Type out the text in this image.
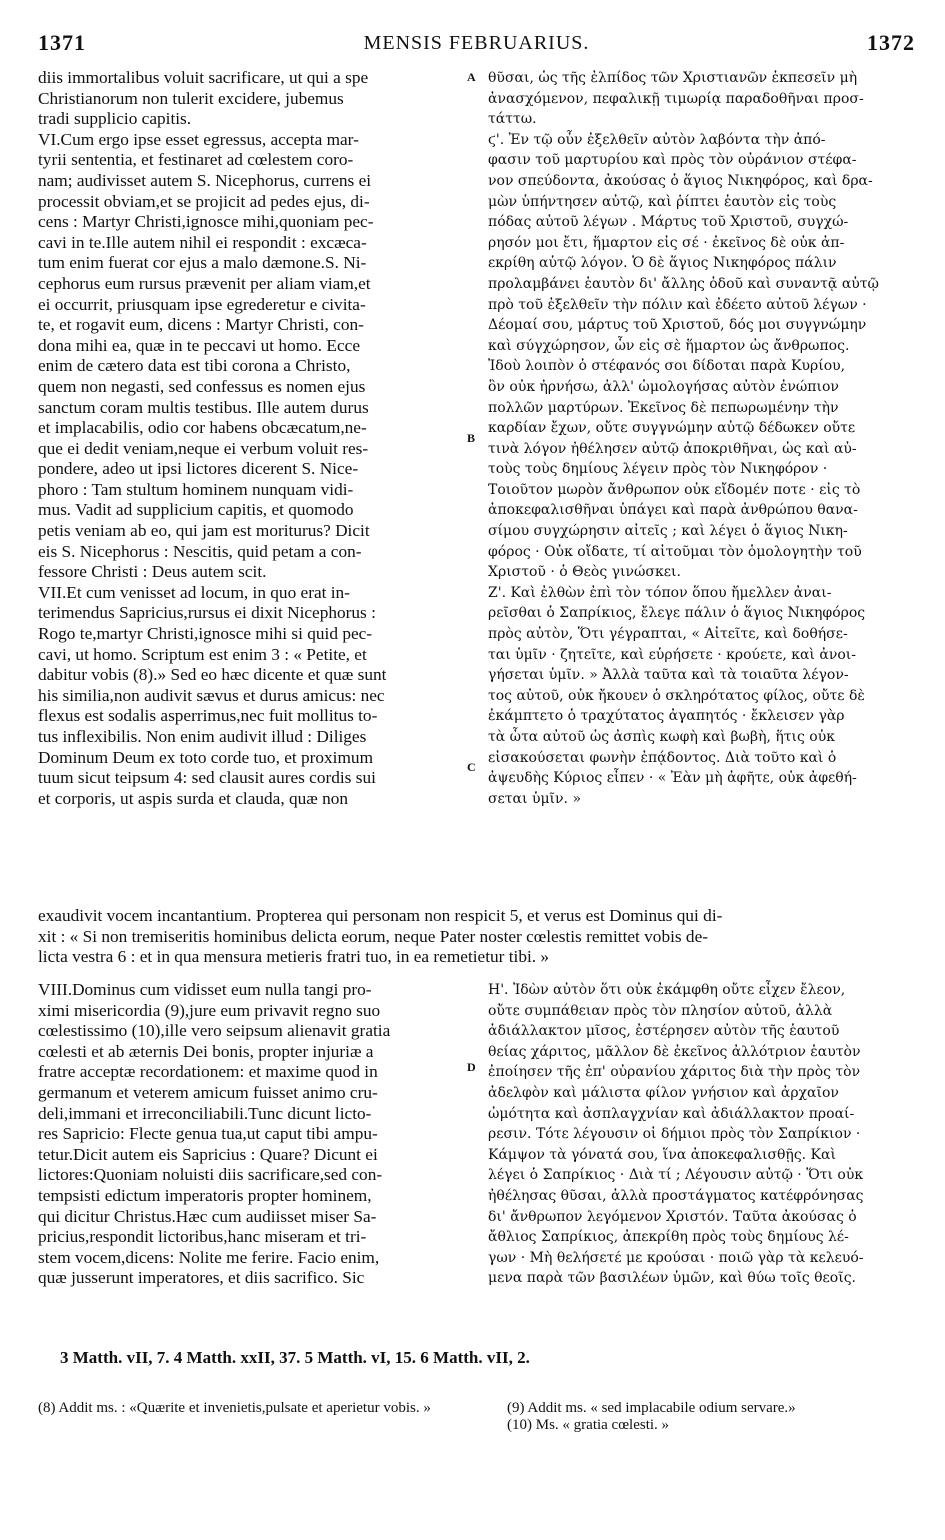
1371	MENSIS FEBRUARIUS.	1372
diis immortalibus voluit sacrificare, ut qui a spe
Christianorum non tulerit excidere, jubemus
tradi supplicio capitis.
VI.Cum ergo ipse esset egressus, accepta mar-
tyrii sententia, et festinaret ad cœlestem coro-
nam; audivisset autem S. Nicephorus, currens ei
processit obviam,et se projicit ad pedes ejus, di-
cens : Martyr Christi,ignosce mihi,quoniam pec-
cavi in te.Ille autem nihil ei respondit : excæca-
tum enim fuerat cor ejus a malo dæmone.S. Ni-
cephorus eum rursus prævenit per aliam viam,et
ei occurrit, priusquam ipse egrederetur e civita-
te, et rogavit eum, dicens : Martyr Christi, con-
dona mihi ea, quæ in te peccavi ut homo. Ecce
enim de cætero data est tibi corona a Christo,
quem non negasti, sed confessus es nomen ejus
sanctum coram multis testibus. Ille autem durus
et implacabilis, odio cor habens obcæcatum,ne-
que ei dedit veniam,neque ei verbum voluit res-
pondere, adeo ut ipsi lictores dicerent S. Nice-
phoro : Tam stultum hominem nunquam vidi-
mus. Vadit ad supplicium capitis, et quomodo
petis veniam ab eo, qui jam est moriturus? Dicit
eis S. Nicephorus : Nescitis, quid petam a con-
fessore Christi : Deus autem scit.
VII.Et cum venisset ad locum, in quo erat in-
terimendus Sapricius,rursus ei dixit Nicephorus :
Rogo te,martyr Christi,ignosce mihi si quid pec-
cavi, ut homo. Scriptum est enim 3 : « Petite, et
dabitur vobis (8).» Sed eo hæc dicente et quæ sunt
his similia,non audivit sævus et durus amicus: nec
flexus est sodalis asperrimus,nec fuit mollitus to-
tus inflexibilis. Non enim audivit illud : Diliges
Dominum Deum ex toto corde tuo, et proximum
tuum sicut teipsum 4: sed clausit aures cordis sui
et corporis, ut aspis surda et clauda, quæ non
θῦσαι, ὡς τῆς ἐλπίδος τῶν Χριστιανῶν ἐκπεσεῖν μὴ
ἀνασχόμενον, πεφαλικῇ τιμωρίᾳ παραδοθῆναι προσ-
τάττω.
ϛ'. Ἐν τῷ οὖν ἐξελθεῖν αὐτὸν λαβόντα τὴν ἀπό-
φασιν τοῦ μαρτυρίου καὶ πρὸς τὸν οὐράνιον στέφα-
νον σπεύδοντα, ἀκούσας ὁ ἅγιος Νικηφόρος, καὶ δρα-
μὼν ὑπήντησεν αὐτῷ, καὶ ῥίπτει ἑαυτὸν εἰς τοὺς
πόδας αὐτοῦ λέγων . Μάρτυς τοῦ Χριστοῦ, συγχώ-
ρησόν μοι ἔτι, ἥμαρτον εἰς σέ · ἐκεῖνος δὲ οὐκ ἀπ-
εκρίθη αὐτῷ λόγον. Ὁ δὲ ἅγιος Νικηφόρος πάλιν
προλαμβάνει ἑαυτὸν δι' ἄλλης ὁδοῦ καὶ συναντᾷ αὐτῷ
πρὸ τοῦ ἐξελθεῖν τὴν πόλιν καὶ ἐδέετο αὐτοῦ λέγων ·
Δέομαί σου, μάρτυς τοῦ Χριστοῦ, δός μοι συγγνώμην
καὶ σύγχώρησον, ὧν εἰς σὲ ἥμαρτον ὡς ἄνθρωπος.
Ἰδοὺ λοιπὸν ὁ στέφανός σοι δίδοται παρὰ Κυρίου,
ὃν οὐκ ἠρνήσω, ἀλλ' ὡμολογήσας αὐτὸν ἐνώπιον
πολλῶν μαρτύρων. Ἐκεῖνος δὲ πεπωρωμένην τὴν
καρδίαν ἔχων, οὔτε συγγνώμην αὐτῷ δέδωκεν οὔτε
τινὰ λόγον ἠθέλησεν αὐτῷ ἀποκριθῆναι, ὡς καὶ αὐ-
τοὺς τοὺς δημίους λέγειν πρὸς τὸν Νικηφόρον ·
Τοιοῦτον μωρὸν ἄνθρωπον οὐκ εἴδομέν ποτε · εἰς τὸ
ἀποκεφαλισθῆναι ὑπάγει καὶ παρὰ ἀνθρώπου θανα-
σίμου συγχώρησιν αἰτεῖς ; καὶ λέγει ὁ ἅγιος Νικη-
φόρος · Οὐκ οἴδατε, τί αἰτοῦμαι τὸν ὁμολογητὴν τοῦ
Χριστοῦ · ὁ Θεὸς γινώσκει.
Ζ'. Καὶ ἐλθὼν ἐπὶ τὸν τόπον ὅπου ἤμελλεν ἀναι-
ρεῖσθαι ὁ Σαπρίκιος, ἔλεγε πάλιν ὁ ἅγιος Νικηφόρος
πρὸς αὐτὸν, Ὅτι γέγραπται, « Αἰτεῖτε, καὶ δοθήσε-
ται ὑμῖν · ζητεῖτε, καὶ εὑρήσετε · κρούετε, καὶ ἀνοι-
γήσεται ὑμῖν. » Ἀλλὰ ταῦτα καὶ τὰ τοιαῦτα λέγον-
τος αὐτοῦ, οὐκ ἤκουεν ὁ σκληρότατος φίλος, οὔτε δὲ
ἐκάμπτετο ὁ τραχύτατος ἀγαπητός · ἔκλεισεν γὰρ
τὰ ὦτα αὐτοῦ ὡς ἀσπὶς κωφὴ καὶ βωβὴ, ἥτις οὐκ
εἰσακούσεται φωνὴν ἐπᾴδοντος. Διὰ τοῦτο καὶ ὁ
ἀψευδὴς Κύριος εἶπεν · « Ἐὰν μὴ ἀφῆτε, οὐκ ἀφεθή-
σεται ὑμῖν. »
A
B
C
D
exaudivit vocem incantantium. Propterea qui personam non respicit 5, et verus est Dominus qui di-
xit : « Si non tremiseritis hominibus delicta eorum, neque Pater noster cœlestis remittet vobis de-
licta vestra 6 : et in qua mensura metieris fratri tuo, in ea remetietur tibi. »
VIII.Dominus cum vidisset eum nulla tangi pro-
ximi misericordia (9),jure eum privavit regno suo
cœlestissimo (10),ille vero seipsum alienavit gratia
cœlesti et ab æternis Dei bonis, propter injuriæ a
fratre acceptæ recordationem: et maxime quod in
germanum et veterem amicum fuisset animo cru-
deli,immani et irreconciliabili.Tunc dicunt licto-
res Sapricio: Flecte genua tua,ut caput tibi ampu-
tetur.Dicit autem eis Sapricius : Quare? Dicunt ei
lictores:Quoniam noluisti diis sacrificare,sed con-
tempsisti edictum imperatoris propter hominem,
qui dicitur Christus.Hæc cum audiisset miser Sa-
pricius,respondit lictoribus,hanc miseram et tri-
stem vocem,dicens: Nolite me ferire. Facio enim,
quæ jusserunt imperatores, et diis sacrifico. Sic
Η'. Ἰδὼν αὐτὸν ὅτι οὐκ ἐκάμφθη οὔτε εἶχεν ἔλεον,
οὔτε συμπάθειαν πρὸς τὸν πλησίον αὐτοῦ, ἀλλὰ
ἀδιάλλακτον μῖσος, ἐστέρησεν αὐτὸν τῆς ἑαυτοῦ
θείας χάριτος, μᾶλλον δὲ ἐκεῖνος ἀλλότριον ἑαυτὸν
ἐποίησεν τῆς ἐπ' οὐρανίου χάριτος διὰ τὴν πρὸς τὸν
ἀδελφὸν καὶ μάλιστα φίλον γνήσιον καὶ ἀρχαῖον
ὠμότητα καὶ ἀσπλαγχνίαν καὶ ἀδιάλλακτον προαί-
ρεσιν. Τότε λέγουσιν οἱ δήμιοι πρὸς τὸν Σαπρίκιον ·
Κάμψον τὰ γόνατά σου, ἵνα ἀποκεφαλισθῇς. Καὶ
λέγει ὁ Σαπρίκιος · Διὰ τί ; Λέγουσιν αὐτῷ · Ὅτι οὐκ
ἠθέλησας θῦσαι, ἀλλὰ προστάγματος κατέφρόνησας
δι' ἄνθρωπον λεγόμενον Χριστόν. Ταῦτα ἀκούσας ὁ
ἄθλιος Σαπρίκιος, ἀπεκρίθη πρὸς τοὺς δημίους λέ-
γων · Μὴ θελήσετέ με κρούσαι · ποιῶ γὰρ τὰ κελευό-
μενα παρὰ τῶν βασιλέων ὑμῶν, καὶ θύω τοῖς θεοῖς.
3 Matth. vII, 7. 4 Matth. xxII, 37. 5 Matth. vI, 15. 6 Matth. vII, 2.
(8) Addit ms. : «Quærite et invenietis,pulsate et aperietur vobis. »	(9) Addit ms. « sed implacabile odium servare.»
(10) Ms. « gratia cœlesti. »
